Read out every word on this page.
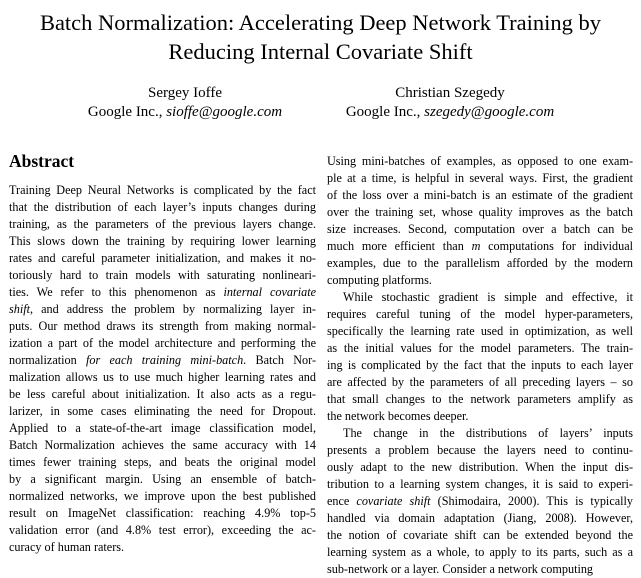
Batch Normalization: Accelerating Deep Network Training by
Reducing Internal Covariate Shift
Sergey Ioffe
Google Inc., sioffe@google.com
Christian Szegedy
Google Inc., szegedy@google.com
Abstract
Training Deep Neural Networks is complicated by the fact
that the distribution of each layer’s inputs changes during
training, as the parameters of the previous layers change.
This slows down the training by requiring lower learning
rates and careful parameter initialization, and makes it no-
toriously hard to train models with saturating nonlineari-
ties. We refer to this phenomenon as internal covariate
shift, and address the problem by normalizing layer in-
puts. Our method draws its strength from making normal-
ization a part of the model architecture and performing the
normalization for each training mini-batch. Batch Nor-
malization allows us to use much higher learning rates and
be less careful about initialization. It also acts as a regu-
larizer, in some cases eliminating the need for Dropout.
Applied to a state-of-the-art image classification model,
Batch Normalization achieves the same accuracy with 14
times fewer training steps, and beats the original model
by a significant margin. Using an ensemble of batch-
normalized networks, we improve upon the best published
result on ImageNet classification: reaching 4.9% top-5
validation error (and 4.8% test error), exceeding the ac-
curacy of human raters.
Using mini-batches of examples, as opposed to one exam-
ple at a time, is helpful in several ways. First, the gradient
of the loss over a mini-batch is an estimate of the gradient
over the training set, whose quality improves as the batch
size increases. Second, computation over a batch can be
much more efficient than m computations for individual
examples, due to the parallelism afforded by the modern
computing platforms.
While stochastic gradient is simple and effective, it
requires careful tuning of the model hyper-parameters,
specifically the learning rate used in optimization, as well
as the initial values for the model parameters. The train-
ing is complicated by the fact that the inputs to each layer
are affected by the parameters of all preceding layers – so
that small changes to the network parameters amplify as
the network becomes deeper.
The change in the distributions of layers’ inputs
presents a problem because the layers need to continu-
ously adapt to the new distribution. When the input dis-
tribution to a learning system changes, it is said to experi-
ence covariate shift (Shimodaira, 2000). This is typically
handled via domain adaptation (Jiang, 2008). However,
the notion of covariate shift can be extended beyond the
learning system as a whole, to apply to its parts, such as a
sub-network or a layer. Consider a network computing
